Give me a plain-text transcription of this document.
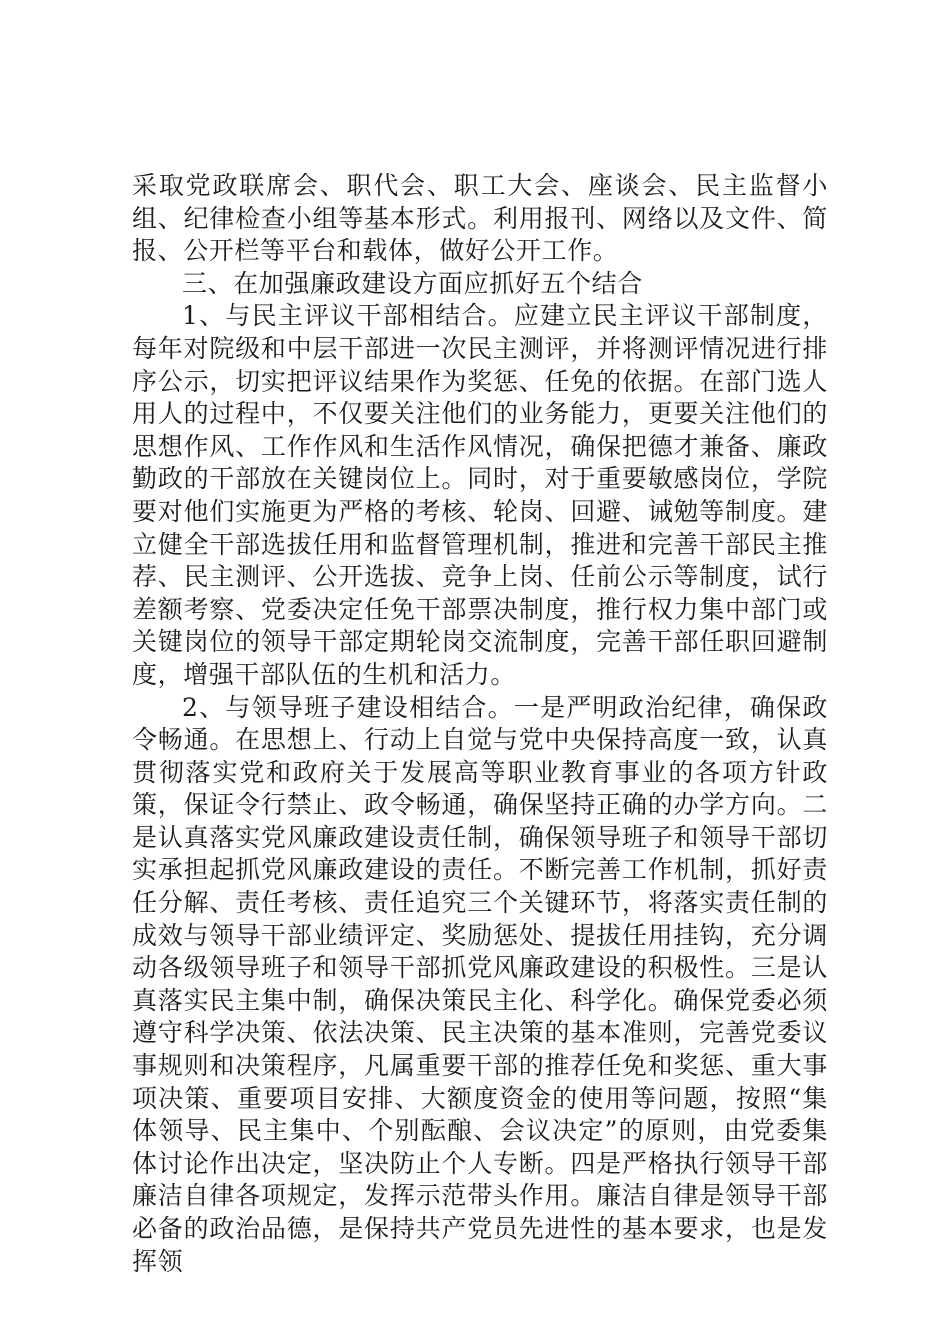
采取党政联席会、职代会、职工大会、座谈会、民主监督小组、纪律检查小组等基本形式。利用报刊、网络以及文件、简报、公开栏等平台和载体，做好公开工作。

三、在加强廉政建设方面应抓好五个结合

1、与民主评议干部相结合。应建立民主评议干部制度，每年对院级和中层干部进一次民主测评，并将测评情况进行排序公示，切实把评议结果作为奖惩、任免的依据。在部门选人用人的过程中，不仅要关注他们的业务能力，更要关注他们的思想作风、工作作风和生活作风情况，确保把德才兼备、廉政勤政的干部放在关键岗位上。同时，对于重要敏感岗位，学院要对他们实施更为严格的考核、轮岗、回避、诫勉等制度。建立健全干部选拔任用和监督管理机制，推进和完善干部民主推荐、民主测评、公开选拔、竞争上岗、任前公示等制度，试行差额考察、党委决定任免干部票决制度，推行权力集中部门或关键岗位的领导干部定期轮岗交流制度，完善干部任职回避制度，增强干部队伍的生机和活力。

2、与领导班子建设相结合。一是严明政治纪律，确保政令畅通。在思想上、行动上自觉与党中央保持高度一致，认真贯彻落实党和政府关于发展高等职业教育事业的各项方针政策，保证令行禁止、政令畅通，确保坚持正确的办学方向。二是认真落实党风廉政建设责任制，确保领导班子和领导干部切实承担起抓党风廉政建设的责任。不断完善工作机制，抓好责任分解、责任考核、责任追究三个关键环节，将落实责任制的成效与领导干部业绩评定、奖励惩处、提拔任用挂钩，充分调动各级领导班子和领导干部抓党风廉政建设的积极性。三是认真落实民主集中制，确保决策民主化、科学化。确保党委必须遵守科学决策、依法决策、民主决策的基本准则，完善党委议事规则和决策程序，凡属重要干部的推荐任免和奖惩、重大事项决策、重要项目安排、大额度资金的使用等问题，按照“集体领导、民主集中、个别酝酿、会议决定”的原则，由党委集体讨论作出决定，坚决防止个人专断。四是严格执行领导干部廉洁自律各项规定，发挥示范带头作用。廉洁自律是领导干部必备的政治品德，是保持共产党员先进性的基本要求，也是发挥领
